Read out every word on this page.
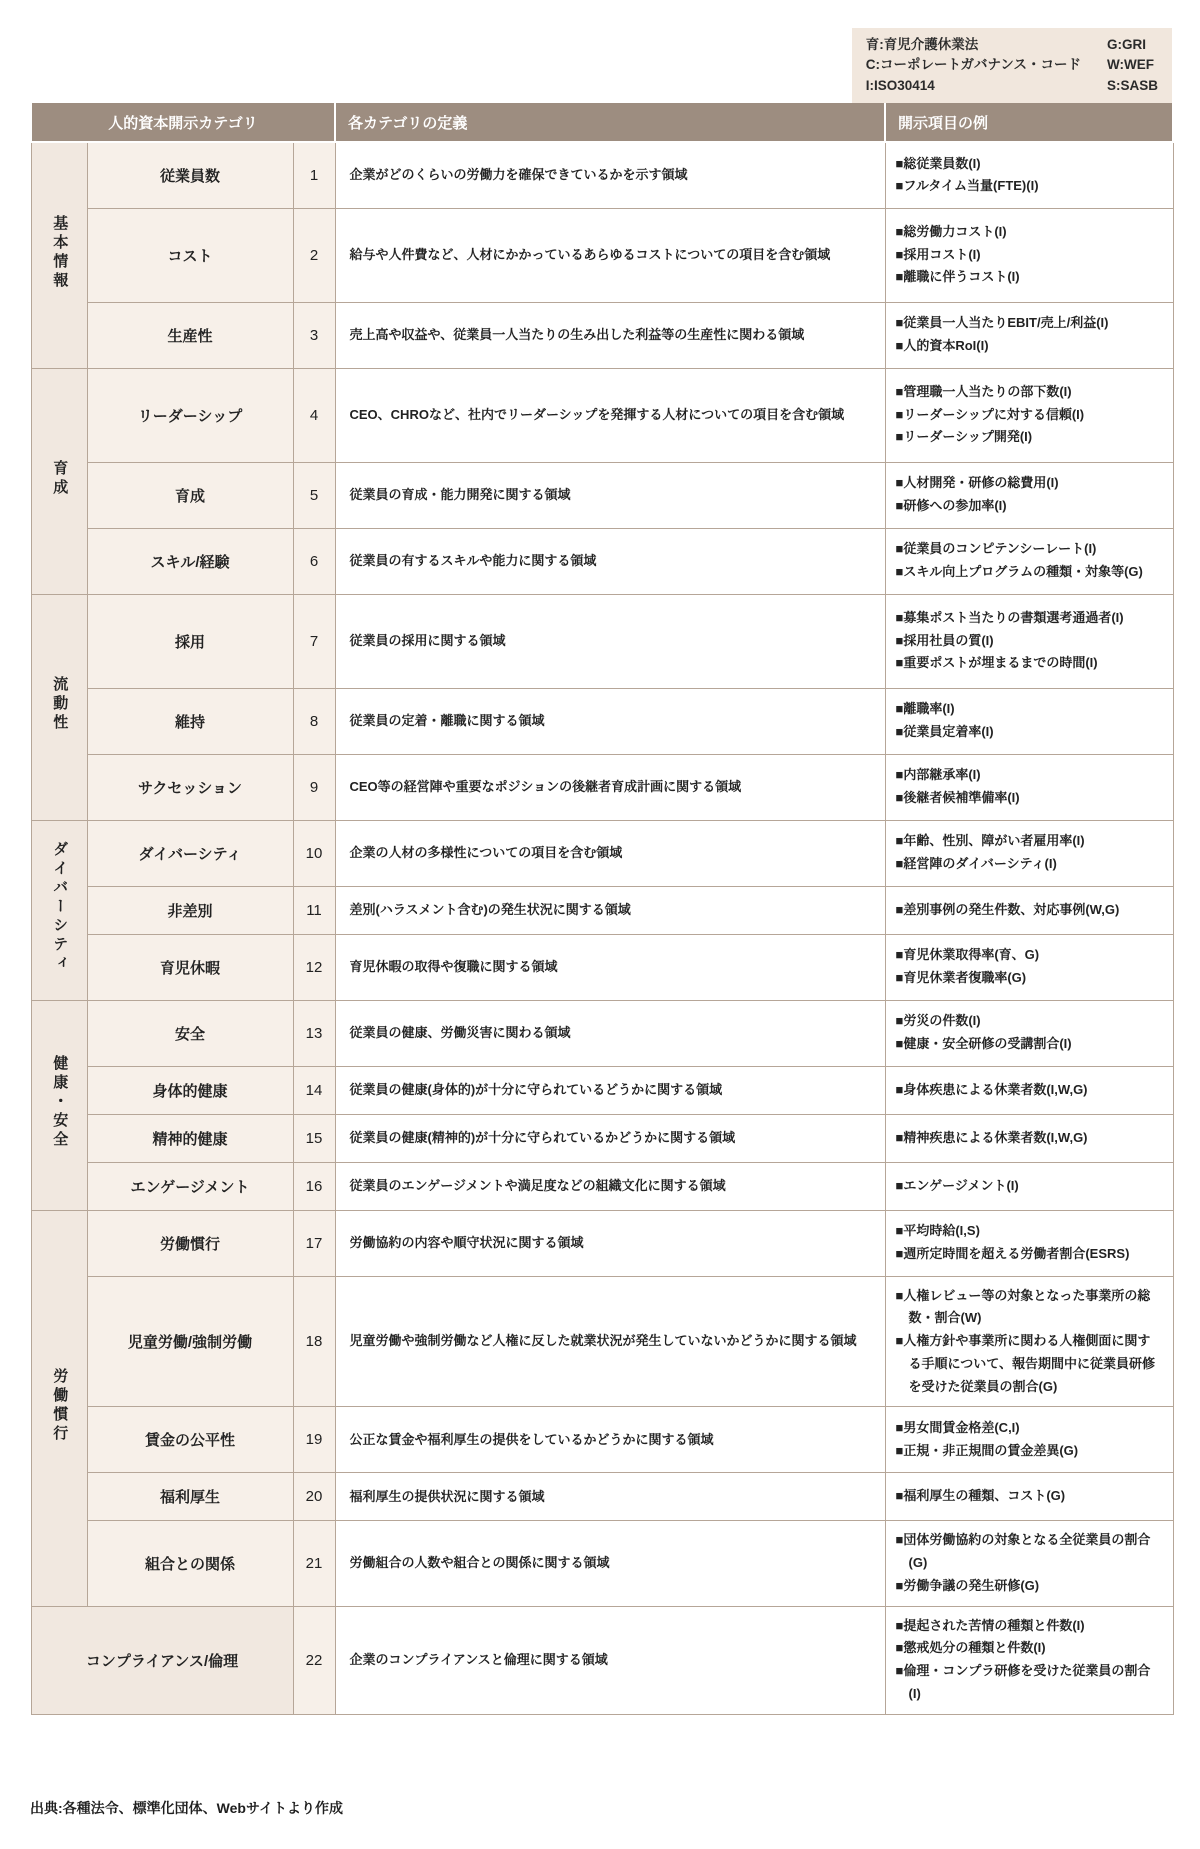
育:育児介護休業法
C:コーポレートガバナンス・コード
I:ISO30414
G:GRI
W:WEF
S:SASB
人的資本開示カテゴリ			各カテゴリの定義	開示項目の例
基本情報	従業員数	1	企業がどのくらいの労働力を確保できているかを示す領域	■総従業員数(I)
■フルタイム当量(FTE)(I)

	コスト	2	給与や人件費など、人材にかかっているあらゆるコストについての項目を含む領域	■総労働力コスト(I)
■採用コスト(I)
■離職に伴うコスト(I)

	生産性	3	売上高や収益や、従業員一人当たりの生み出した利益等の生産性に関わる領域	■従業員一人当たりEBIT/売上/利益(I)
■人的資本RoI(I)

育成	リーダーシップ	4	CEO、CHROなど、社内でリーダーシップを発揮する人材についての項目を含む領域	■管理職一人当たりの部下数(I)
■リーダーシップに対する信頼(I)
■リーダーシップ開発(I)

	育成	5	従業員の育成・能力開発に関する領域	■人材開発・研修の総費用(I)
■研修への参加率(I)

	スキル/経験	6	従業員の有するスキルや能力に関する領域	■従業員のコンピテンシーレート(I)
■スキル向上プログラムの種類・対象等(G)

流動性	採用	7	従業員の採用に関する領域	■募集ポスト当たりの書類選考通過者(I)
■採用社員の質(I)
■重要ポストが埋まるまでの時間(I)

	維持	8	従業員の定着・離職に関する領域	■離職率(I)
■従業員定着率(I)

	サクセッション	9	CEO等の経営陣や重要なポジションの後継者育成計画に関する領域	■内部継承率(I)
■後継者候補準備率(I)

ダイバーシティ	ダイバーシティ	10	企業の人材の多様性についての項目を含む領域	■年齢、性別、障がい者雇用率(I)
■経営陣のダイバーシティ(I)

	非差別	11	差別(ハラスメント含む)の発生状況に関する領域	■差別事例の発生件数、対応事例(W,G)

	育児休暇	12	育児休暇の取得や復職に関する領域	■育児休業取得率(育、G)
■育児休業者復職率(G)

健康・安全	安全	13	従業員の健康、労働災害に関わる領域	■労災の件数(I)
■健康・安全研修の受講割合(I)

	身体的健康	14	従業員の健康(身体的)が十分に守られているどうかに関する領域	■身体疾患による休業者数(I,W,G)

	精神的健康	15	従業員の健康(精神的)が十分に守られているかどうかに関する領域	■精神疾患による休業者数(I,W,G)

	エンゲージメント	16	従業員のエンゲージメントや満足度などの組織文化に関する領域	■エンゲージメント(I)

労働慣行	労働慣行	17	労働協約の内容や順守状況に関する領域	■平均時給(I,S)
■週所定時間を超える労働者割合(ESRS)

	児童労働/強制労働	18	児童労働や強制労働など人権に反した就業状況が発生していないかどうかに関する領域	■人権レビュー等の対象となった事業所の総数・割合(W)
■人権方針や事業所に関わる人権側面に関する手順について、報告期間中に従業員研修を受けた従業員の割合(G)

	賃金の公平性	19	公正な賃金や福利厚生の提供をしているかどうかに関する領域	■男女間賃金格差(C,I)
■正規・非正規間の賃金差異(G)

	福利厚生	20	福利厚生の提供状況に関する領域	■福利厚生の種類、コスト(G)

	組合との関係	21	労働組合の人数や組合との関係に関する領域	■団体労働協約の対象となる全従業員の割合(G)
■労働争議の発生研修(G)

コンプライアンス/倫理		22	企業のコンプライアンスと倫理に関する領域	■提起された苦情の種類と件数(I)
■懲戒処分の種類と件数(I)
■倫理・コンプラ研修を受けた従業員の割合(I)
出典:各種法令、標準化団体、Webサイトより作成
